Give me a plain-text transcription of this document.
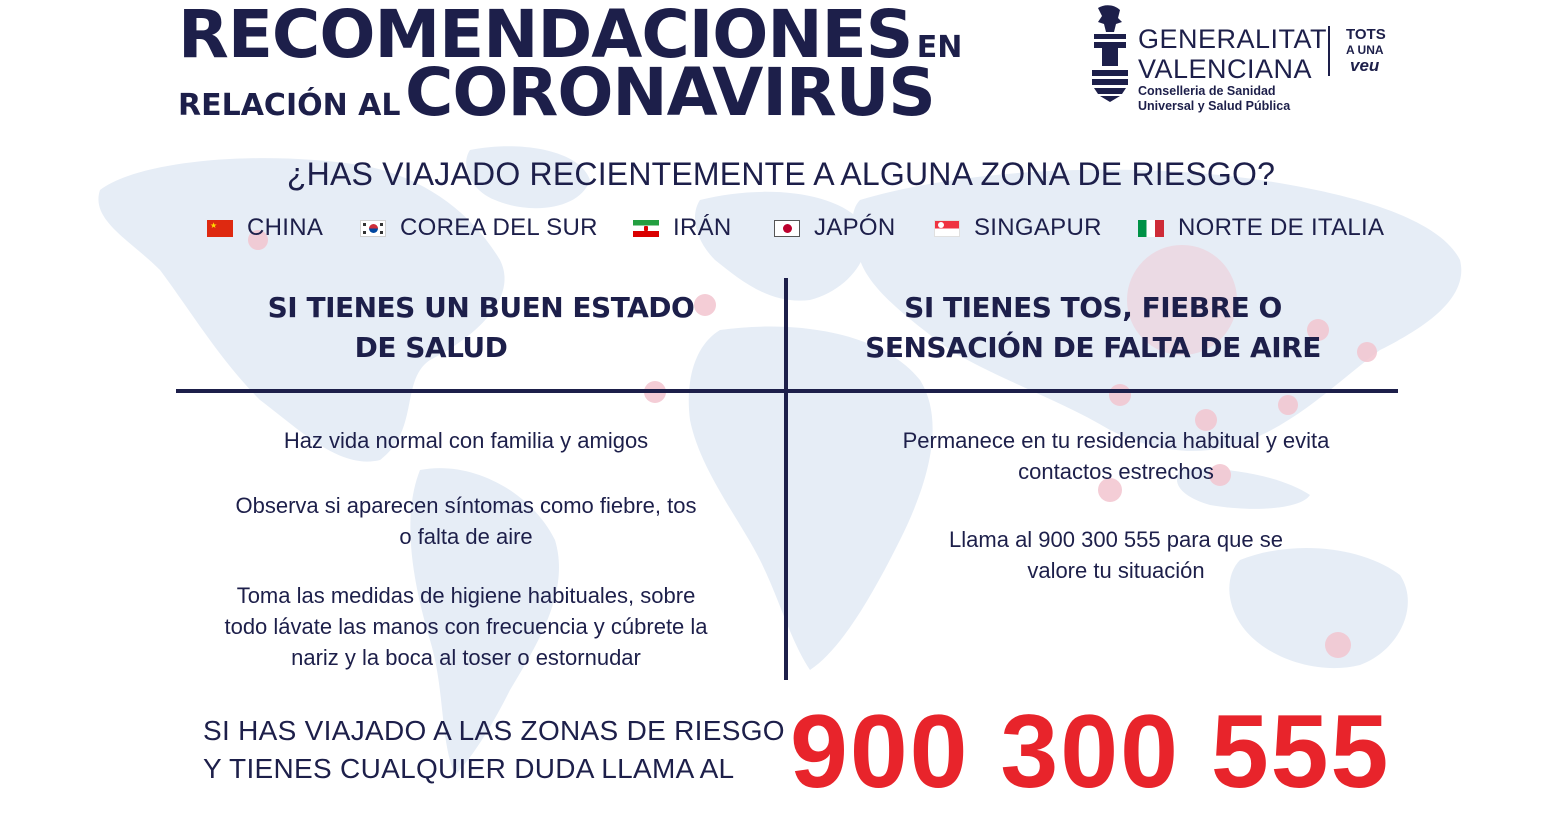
RECOMENDACIONES EN
RELACIÓN AL CORONAVIRUS
GENERALITAT
VALENCIANA
TOTS
A UNA
veu
Conselleria de Sanidad
Universal y Salud Pública
¿HAS VIAJADO RECIENTEMENTE A ALGUNA ZONA DE RIESGO?
★ CHINA	COREA DEL SUR	IRÁN	JAPÓN	SINGAPUR	NORTE DE ITALIA
SI TIENES UN BUEN ESTADO
DE SALUD
SI TIENES TOS, FIEBRE O
SENSACIÓN DE FALTA DE AIRE
Haz vida normal con familia y amigos
Observa si aparecen síntomas como fiebre, tos
o falta de aire
Toma las medidas de higiene habituales, sobre
todo lávate las manos con frecuencia y cúbrete la
nariz y la boca al toser o estornudar
Permanece en tu residencia habitual y evita
contactos estrechos
Llama al 900 300 555 para que se
valore tu situación
SI HAS VIAJADO A LAS ZONAS DE RIESGO
Y TIENES CUALQUIER DUDA LLAMA AL 900 300 555
